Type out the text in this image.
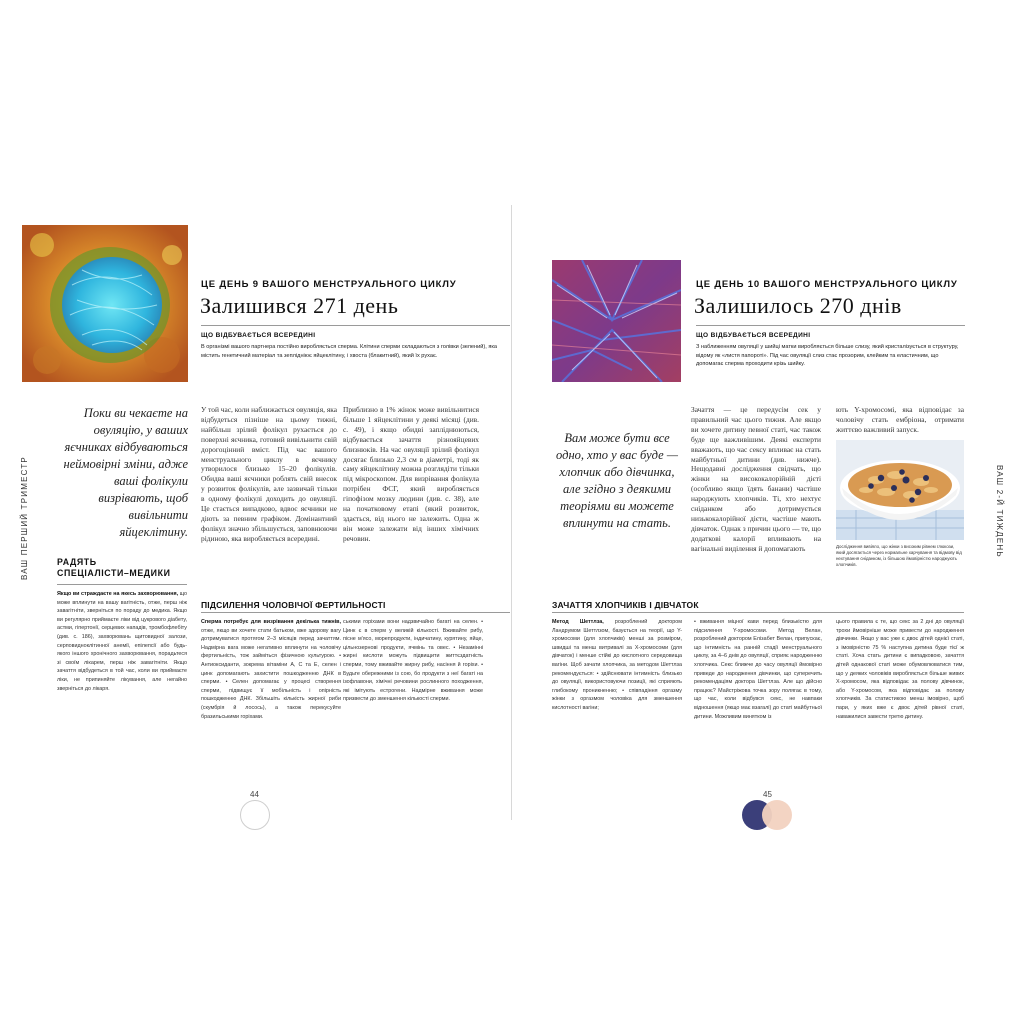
ВАШ ПЕРШИЙ ТРИМЕСТР	ВАШ 2-Й ТИЖДЕНЬ
ЦЕ ДЕНЬ 9 ВАШОГО МЕНСТРУАЛЬНОГО ЦИКЛУ
Залишився 271 день
ЩО ВІДБУВАЄТЬСЯ ВСЕРЕДИНІ
В організмі вашого партнера постійно виробляється сперма. Клітини сперми складаються з голівки (зелений), яка містить генетичний матеріал та зеплідніює яйцеклітину, і хвоста (блакитний), який їх рухає.
Поки ви чекаєте на овуляцію, у ваших яєчниках відбуваються неймовірні зміни, адже ваші фолікули визрівають, щоб вивільнити яйцеклітину.
У той час, коли наближається овуляція, яка відбудеться пізніше на цьому тижні, найбільш зрілий фолікул рухається до поверхні яєчника, готовий вивільнити свій дорогоцінний вміст. Під час вашого менструального циклу в яєчнику утворилося близько 15–20 фолікулів. Обидва ваші яєчники роблять свій внесок у розвиток фолікулів, але зазвичай тільки в одному фолікулі доходить до овуляції. Це стається випадково, вдвоє яєчники не діють за певним графіком. Домінантний фолікул значно збільшується, заповнюючи рідиною, яка виробляється всередині.
Приблизно в 1% жінок може вивільнитися більше 1 яйцеклітини у деякі місяці (див. с. 49), і якщо обидві запліднюються, відбувається зачаття різнояйцевих близнюків. На час овуляції зрілий фолікул досягає близько 2,3 см в діаметрі, тоді як саму яйцеклітину можна розглядіти тільки під мікроскопом. Для визрівання фолікула потрібен ФСГ, який виробляється гіпофізом мозку людини (див. с. 38), але на початковому етапі (який розвиток, здається, від нього не залежить. Одна ж він може залежати від інших хімічних речовин.
РАДЯТЬ
СПЕЦІАЛІСТИ–МЕДИКИ
Якщо ви страждаєте на якесь захворювання, що може вплинути на вашу вагітність, отже, перш ніж завагітніти, зверніться по пораду до медика. Якщо ви регулярно приймаєте ліки від цукрового діабету, астми, гіпертонії, серцевих нападів, тромбофлебіту (див. с. 186), захворювань щитовидної залози, серповидноклітинної анемії, епілепсії або будь-якого іншого хронічного захворювання, порадьтеся зі своїм лікарем, перш ніж завагітніти. Якщо зачаття відбудеться в той час, коли ви приймаєте ліки, не припиняйте лікування, але негайно зверніться до лікаря.
ПІДСИЛЕННЯ ЧОЛОВІЧОЇ ФЕРТИЛЬНОСТІ
Сперма потребує для визрівання декілька тижнів, отже, якщо ви хочете стати батьком, вже здорову вагу дотримуватися протягом 2–3 місяців перед зачаттям. Надмірна вага може негативно вплинути на чоловічу фертильність, тож займіться фізичною культурою. • Антиоксиданти, зокрема вітаміни A, C та E, селен і цинк допомагають захистити пошкодженню ДНК в сперми. • Селен допомагає у процесі створення сперми, підвищує її мобільність і опірність пошкодженню ДНК. Збільшіть кількість жирної риби (скумбрія й лосось), а також перекусуйте бразильськими горіхами.
ськими горіхами вони надзвичайно багаті на селен. • Цинк є в сперм у великій кількості. Вживайте рибу, пісне м'ясо, морепродукти, індичатину, курятину, яйце, цільнозернові продукти, ячмінь та овес. • Незамінні жирні кислоти можуть підвищити життєздатність сперми, тому вживайте жирну рибу, насіння й горіхи. • Будьте обережними із сою, бо продукти з неї багаті на ізофлавони, хімічні речовини рослинного походження, які імітують естрогени. Надмірне вживання може призвести до зменшення кількості сперми.
44
ЦЕ ДЕНЬ 10 ВАШОГО МЕНСТРУАЛЬНОГО ЦИКЛУ
Залишилось 270 днів
ЩО ВІДБУВАЄТЬСЯ ВСЕРЕДИНІ
З наближенням овуляції у шийці матки виробляється більше слизу, який кристалізується в структуру, відому як «листя папороті». Під час овуляції слиз стає прозорим, клейким та еластичним, що допомагає сперма проходити крізь шийку.
Вам може бути все одно, хто у вас буде — хлопчик або дівчинка, але згідно з деякими теоріями ви можете вплинути на стать.
Зачаття — це передусім сек у правильний час цього тижня. Але якщо ви хочете дитину певної статі, час також буде ще важливішим. Деякі експерти вважають, що час сексу впливає на стать майбутньої дитини (див. нижче). Нещодавні дослідження свідчать, що жінки на висококалорійній дієті (особливо якщо їдять банани) частіше народжують хлопчиків. Ті, хто нехтує сніданком або дотримується низькокалорійної дієти, частіше мають дівчаток. Однак з причин цього — те, що додаткові калорії впливають на вагінальні виділення й допомагають
ють Y-хромосомі, яка відповідає за чоловічу стать ембріона, отримати життєво важливий запуск.
Дослідження вивіяло, що жінки з високим рівнем глюкози, який досягається через нормальне харчування та відмову від нехтування сніданком, із більшою ймовірністю народжують хлопчиків.
ЗАЧАТТЯ ХЛОПЧИКІВ І ДІВЧАТОК
Метод Шеттлза, розроблений доктором Ландрумом Шеттлзом, базується на теорії, що Y-хромосоми (для хлопчиків) менші за розміром, швидші та менш витривалі за X-хромосоми (для дівчаток) і менше стійкі до кислотного середовища вагіни. Щоб зачати хлопчика, за методом Шеттлза рекомендується: • здійснювати інтимність близько до овуляції, використовуючи позиції, які сприяють глибокому проникненню; • співпадіння оргазму жінки з оргазмом чоловіка для зменшення кислотності вагіни;
• вживання міцної кави перед близькістю для підсилення Y-хромосоми. Метод Велан, розроблений доктором Елізабет Велан, припускає, що інтимність на ранній стадії менструального циклу, за 4–6 днів до овуляції, сприяє народженню хлопчика. Секс ближче до часу овуляції ймовірно приведе до народження дівчинки, що суперечить рекомендаціям доктора Шеттлза. Але що дійсно працює? Майстріжова точка зору полягає в тому, що час, коли відбувся секс, не навпаки відношення (якщо має взагалі) до статі майбутньої дитини. Можливим винятком із
цього правила є те, що секс за 2 дні до овуляції трохи ймовірніше може привести до народження дівчинки. Якщо у вас уже є двоє дітей однієї статі, з імовірністю 75 % наступна дитина буде тієї ж статі. Хоча стать дитини є випадковою, зачаття дітей однакової статі може обумовлюватися тим, що у деяких чоловіків виробляється більше живих X-хромосом, яка відповідає за полову дівчинок, або Y-хромосом, яка відповідає за полову хлопчиків. За статистикою менш імовірно, щоб пари, у яких вже є двоє дітей рівної статі, наважилися завести третю дитину.
45
